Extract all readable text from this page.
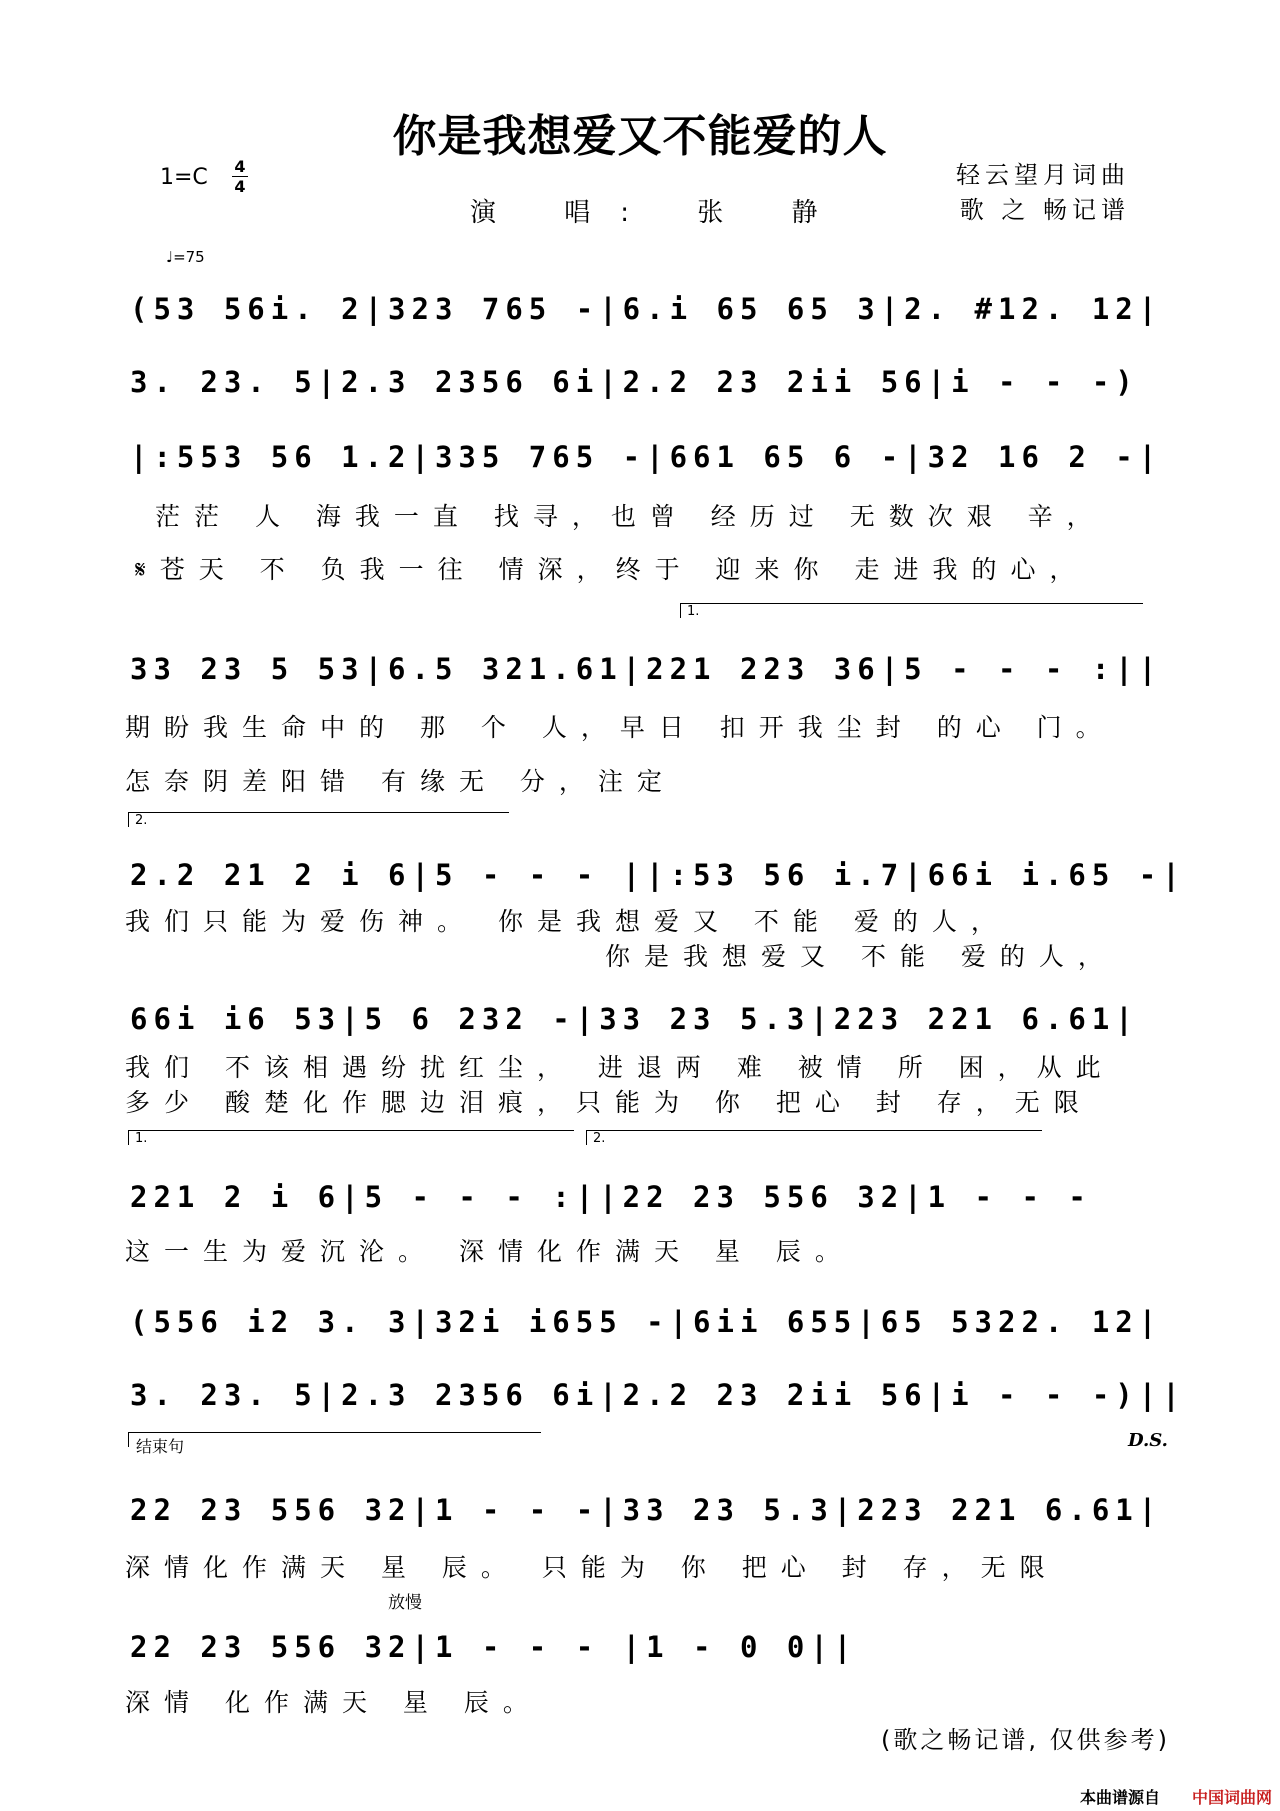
你是我想爱又不能爱的人
1=C 4
4	轻云望月词曲
歌 之 畅记谱
演 唱: 张 静
♩=75
(53 56i. 2|323 765 -|6.i 65 65 3|2. #12. 12|
3. 23. 5|2.3 2356 6i|2.2 23 2ii 56|i - - -)
|:553 56 1.2|335 765 -|661 65 6 -|32 16 2 -|
茫茫 人 海我一直 找寻，也曾 经历过 无数次艰 辛，
𝄋苍天 不 负我一往 情深，终于 迎来你 走进我的心，
1.
33 23 5 53|6.5 321.61|221 223 36|5 - - - :||
期盼我生命中的 那 个 人，早日 扣开我尘封 的心 门。
怎奈阴差阳错 有缘无 分，注定
2.
2.2 21 2 i 6|5 - - - ||:53 56 i.7|66i i.65 -|
我们只能为爱伤神。 你是我想爱又 不能 爱的人，
你是我想爱又 不能 爱的人，
66i i6 53|5 6 232 -|33 23 5.3|223 221 6.61|
我们 不该相遇纷扰红尘， 进退两 难 被情 所 困，从此
多少 酸楚化作腮边泪痕，只能为 你 把心 封 存，无限
1.	2.
221 2 i 6|5 - - - :||22 23 556 32|1 - - -
这一生为爱沉沦。 深情化作满天 星 辰。
(556 i2 3. 3|32i i655 -|6ii 655|65 5322. 12|
3. 23. 5|2.3 2356 6i|2.2 23 2ii 56|i - - -)||
D.S.
结束句
22 23 556 32|1 - - -|33 23 5.3|223 221 6.61|
深情化作满天 星 辰。 只能为 你 把心 封 存，无限
放慢
22 23 556 32|1 - - - |1 - 0 0||
深情 化作满天 星 辰。
(歌之畅记谱, 仅供参考)
本曲谱源自 中国词曲网
